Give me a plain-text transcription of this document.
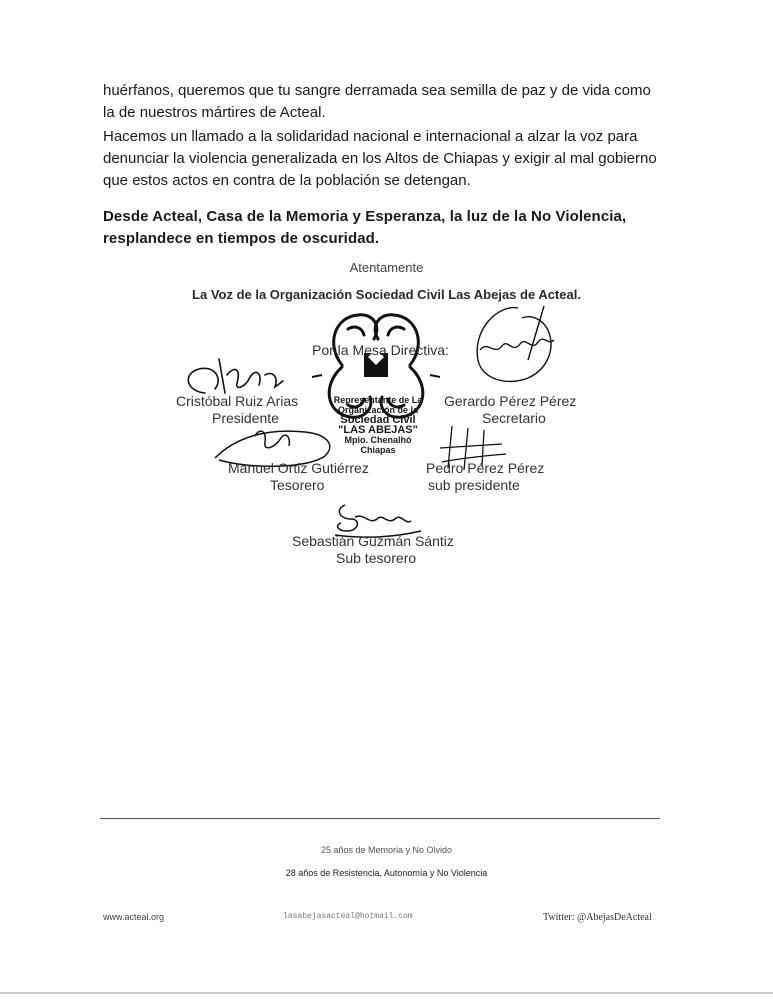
huérfanos, queremos que tu sangre derramada sea semilla de paz y de vida como
la de nuestros mártires de Acteal.
Hacemos un llamado a la solidaridad nacional e internacional a alzar la voz para
denunciar la violencia generalizada en los Altos de Chiapas y exigir al mal gobierno
que estos actos en contra de la población se detengan.
Desde Acteal, Casa de la Memoria y Esperanza, la luz de la No Violencia,
resplandece en tiempos de oscuridad.
Atentamente
La Voz de la Organización Sociedad Civil Las Abejas de Acteal.
Representante de La
Organización de la
Sociedad Civil
"LAS ABEJAS"
Mpio. Chenalhó
Chiapas
Por la Mesa Directiva:
Cristóbal Ruiz Arias
Presidente
Gerardo Pérez Pérez
Secretario
Manuel Ortiz Gutiérrez
Tesorero
Pedro Pérez Pérez
sub presidente
Sebastián Guzmán Sántiz
Sub tesorero
25 años de Memoria y No Olvido
28 años de Resistencia, Autonomía y No Violencia
www.acteal.org	lasabejasacteal@hotmail.com	Twitter: @AbejasDeActeal
